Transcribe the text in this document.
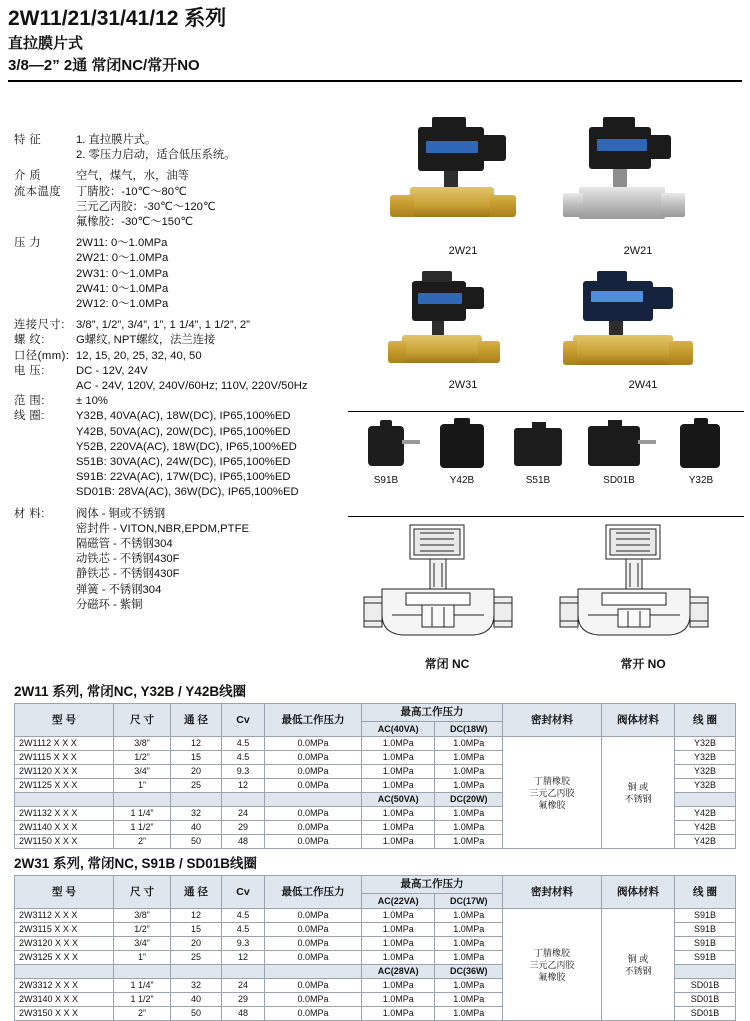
2W11/21/31/41/12 系列
直拉膜片式
3/8—2” 2通 常闭NC/常开NO
特 征	1. 直拉膜片式。
2. 零压力启动，适合低压系统。
介 质	空气，煤气，水，油等
流本温度	丁腈胶：-10℃～80℃
三元乙丙胶：-30℃～120℃
氟橡胶：-30℃～150℃
压 力	2W11: 0～1.0MPa
2W21: 0～1.0MPa
2W31: 0～1.0MPa
2W41: 0～1.0MPa
2W12: 0～1.0MPa
连接尺寸: 3/8”, 1/2”, 3/4”, 1”, 1 1/4”, 1 1/2”, 2”
螺 纹:	G螺纹, NPT螺纹，法兰连接
口径(mm): 12, 15, 20, 25, 32, 40, 50
电 压:	DC - 12V, 24V
AC - 24V, 120V, 240V/60Hz; 110V, 220V/50Hz
范 围:	± 10%
线 圈:	Y32B, 40VA(AC), 18W(DC), IP65,100%ED
Y42B, 50VA(AC), 20W(DC), IP65,100%ED
Y52B, 220VA(AC), 18W(DC), IP65,100%ED
S51B: 30VA(AC), 24W(DC), IP65,100%ED
S91B: 22VA(AC), 17W(DC), IP65,100%ED
SD01B: 28VA(AC), 36W(DC), IP65,100%ED
材 料:	阀体 - 铜或不锈钢
密封件 - VITON,NBR,EPDM,PTFE
隔磁管 - 不锈钢304
动铁芯 - 不锈钢430F
静铁芯 - 不锈钢430F
弹簧 - 不锈钢304
分磁环 - 紫铜
2W21	2W21
2W31	2W41
S91B	Y42B	S51B	SD01B	Y32B
常闭 NC	常开 NO
2W11 系列, 常闭NC, Y32B / Y42B线圈
型 号	尺 寸	通 径	Cv	最低工作压力	最高工作压力		密封材料	阀体材料	线 圈
					AC(40VA)	DC(18W)			
2W1112 X X X	3/8”	12	4.5	0.0MPa	1.0MPa	1.0MPa	丁腈橡胶
三元乙丙胶
氟橡胶	铜 或
不锈钢	Y32B
2W1115 X X X	1/2”	15	4.5	0.0MPa	1.0MPa	1.0MPa			Y32B
2W1120 X X X	3/4”	20	9.3	0.0MPa	1.0MPa	1.0MPa			Y32B
2W1125 X X X	1”	25	12	0.0MPa	1.0MPa	1.0MPa			Y32B
					AC(50VA)	DC(20W)			
2W1132 X X X	1 1/4”	32	24	0.0MPa	1.0MPa	1.0MPa			Y42B
2W1140 X X X	1 1/2”	40	29	0.0MPa	1.0MPa	1.0MPa			Y42B
2W1150 X X X	2”	50	48	0.0MPa	1.0MPa	1.0MPa			Y42B
2W31 系列, 常闭NC, S91B / SD01B线圈
型 号	尺 寸	通 径	Cv	最低工作压力	最高工作压力		密封材料	阀体材料	线 圈
					AC(22VA)	DC(17W)			
2W3112 X X X	3/8”	12	4.5	0.0MPa	1.0MPa	1.0MPa	丁腈橡胶
三元乙丙胶
氟橡胶	铜 或
不锈钢	S91B
2W3115 X X X	1/2”	15	4.5	0.0MPa	1.0MPa	1.0MPa			S91B
2W3120 X X X	3/4”	20	9.3	0.0MPa	1.0MPa	1.0MPa			S91B
2W3125 X X X	1”	25	12	0.0MPa	1.0MPa	1.0MPa			S91B
					AC(28VA)	DC(36W)			
2W3312 X X X	1 1/4”	32	24	0.0MPa	1.0MPa	1.0MPa			SD01B
2W3140 X X X	1 1/2”	40	29	0.0MPa	1.0MPa	1.0MPa			SD01B
2W3150 X X X	2”	50	48	0.0MPa	1.0MPa	1.0MPa			SD01B
